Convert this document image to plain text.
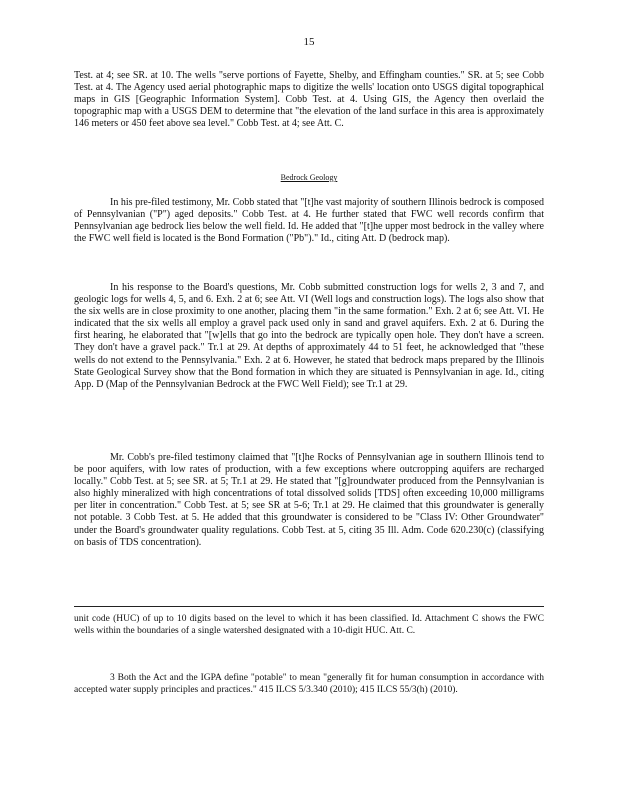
15

Test. at 4; see SR. at 10. The wells "serve portions of Fayette, Shelby, and Effingham counties." SR. at 5; see Cobb Test. at 4. The Agency used aerial photographic maps to digitize the wells' location onto USGS digital topographical maps in GIS [Geographic Information System]. Cobb Test. at 4. Using GIS, the Agency then overlaid the topographic map with a USGS DEM to determine that "the elevation of the land surface in this area is approximately 146 meters or 450 feet above sea level." Cobb Test. at 4; see Att. C.

Bedrock Geology

In his pre-filed testimony, Mr. Cobb stated that "[t]he vast majority of southern Illinois bedrock is composed of Pennsylvanian ("P") aged deposits." Cobb Test. at 4. He further stated that FWC well records confirm that Pennsylvanian age bedrock lies below the well field. Id. He added that "[t]he upper most bedrock in the valley where the FWC well field is located is the Bond Formation ("Pb")." Id., citing Att. D (bedrock map).

In his response to the Board's questions, Mr. Cobb submitted construction logs for wells 2, 3 and 7, and geologic logs for wells 4, 5, and 6. Exh. 2 at 6; see Att. VI (Well logs and construction logs). The logs also show that the six wells are in close proximity to one another, placing them "in the same formation." Exh. 2 at 6; see Att. VI. He indicated that the six wells all employ a gravel pack used only in sand and gravel aquifers. Exh. 2 at 6. During the first hearing, he elaborated that "[w]ells that go into the bedrock are typically open hole. They don't have a screen. They don't have a gravel pack." Tr.1 at 29. At depths of approximately 44 to 51 feet, he acknowledged that "these wells do not extend to the Pennsylvania." Exh. 2 at 6. However, he stated that bedrock maps prepared by the Illinois State Geological Survey show that the Bond formation in which they are situated is Pennsylvanian in age. Id., citing App. D (Map of the Pennsylvanian Bedrock at the FWC Well Field); see Tr.1 at 29.

Mr. Cobb's pre-filed testimony claimed that "[t]he Rocks of Pennsylvanian age in southern Illinois tend to be poor aquifers, with low rates of production, with a few exceptions where outcropping aquifers are recharged locally." Cobb Test. at 5; see SR. at 5; Tr.1 at 29. He stated that "[g]roundwater produced from the Pennsylvanian is also highly mineralized with high concentrations of total dissolved solids [TDS] often exceeding 10,000 milligrams per liter in concentration." Cobb Test. at 5; see SR at 5-6; Tr.1 at 29. He claimed that this groundwater is generally not potable. 3 Cobb Test. at 5. He added that this groundwater is considered to be "Class IV: Other Groundwater" under the Board's groundwater quality regulations. Cobb Test. at 5, citing 35 Ill. Adm. Code 620.230(c) (classifying on basis of TDS concentration).

unit code (HUC) of up to 10 digits based on the level to which it has been classified. Id. Attachment C shows the FWC wells within the boundaries of a single watershed designated with a 10-digit HUC. Att. C.

3 Both the Act and the IGPA define "potable" to mean "generally fit for human consumption in accordance with accepted water supply principles and practices." 415 ILCS 5/3.340 (2010); 415 ILCS 55/3(h) (2010).
